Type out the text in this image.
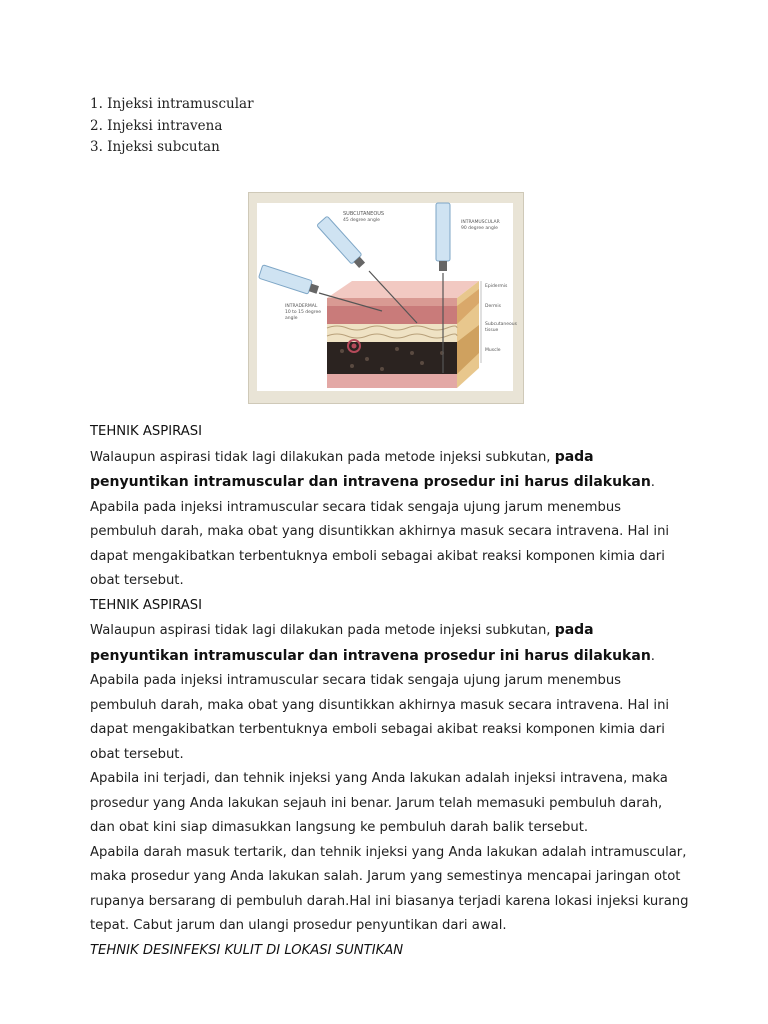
1. Injeksi intramuscular
2. Injeksi intravena
3. Injeksi subcutan
SUBCUTANEOUS
45 degree angle	INTRAMUSCULAR
90 degree angle
INTRADERMAL
10 to 15 degree
angle
Epidermis
Dermis
Subcutaneous
tissue
Muscle

TEHNIK ASPIRASI

Walaupun aspirasi tidak lagi dilakukan pada metode injeksi subkutan, pada penyuntikan intramuscular dan intravena prosedur ini harus dilakukan. Apabila pada injeksi intramuscular secara tidak sengaja ujung jarum menembus pembuluh darah, maka obat yang disuntikkan akhirnya masuk secara intravena. Hal ini dapat mengakibatkan terbentuknya emboli sebagai akibat reaksi komponen kimia dari obat tersebut.

TEHNIK ASPIRASI

Walaupun aspirasi tidak lagi dilakukan pada metode injeksi subkutan, pada penyuntikan intramuscular dan intravena prosedur ini harus dilakukan. Apabila pada injeksi intramuscular secara tidak sengaja ujung jarum menembus pembuluh darah, maka obat yang disuntikkan akhirnya masuk secara intravena. Hal ini dapat mengakibatkan terbentuknya emboli sebagai akibat reaksi komponen kimia dari obat tersebut.

Apabila ini terjadi, dan tehnik injeksi yang Anda lakukan adalah injeksi intravena, maka prosedur yang Anda lakukan sejauh ini benar. Jarum telah memasuki pembuluh darah, dan obat kini siap dimasukkan langsung ke pembuluh darah balik tersebut.

Apabila darah masuk tertarik, dan tehnik injeksi yang Anda lakukan adalah intramuscular, maka prosedur yang Anda lakukan salah. Jarum yang semestinya mencapai jaringan otot rupanya bersarang di pembuluh darah.Hal ini biasanya terjadi karena lokasi injeksi kurang tepat. Cabut jarum dan ulangi prosedur penyuntikan dari awal.

TEHNIK DESINFEKSI KULIT DI LOKASI SUNTIKAN
